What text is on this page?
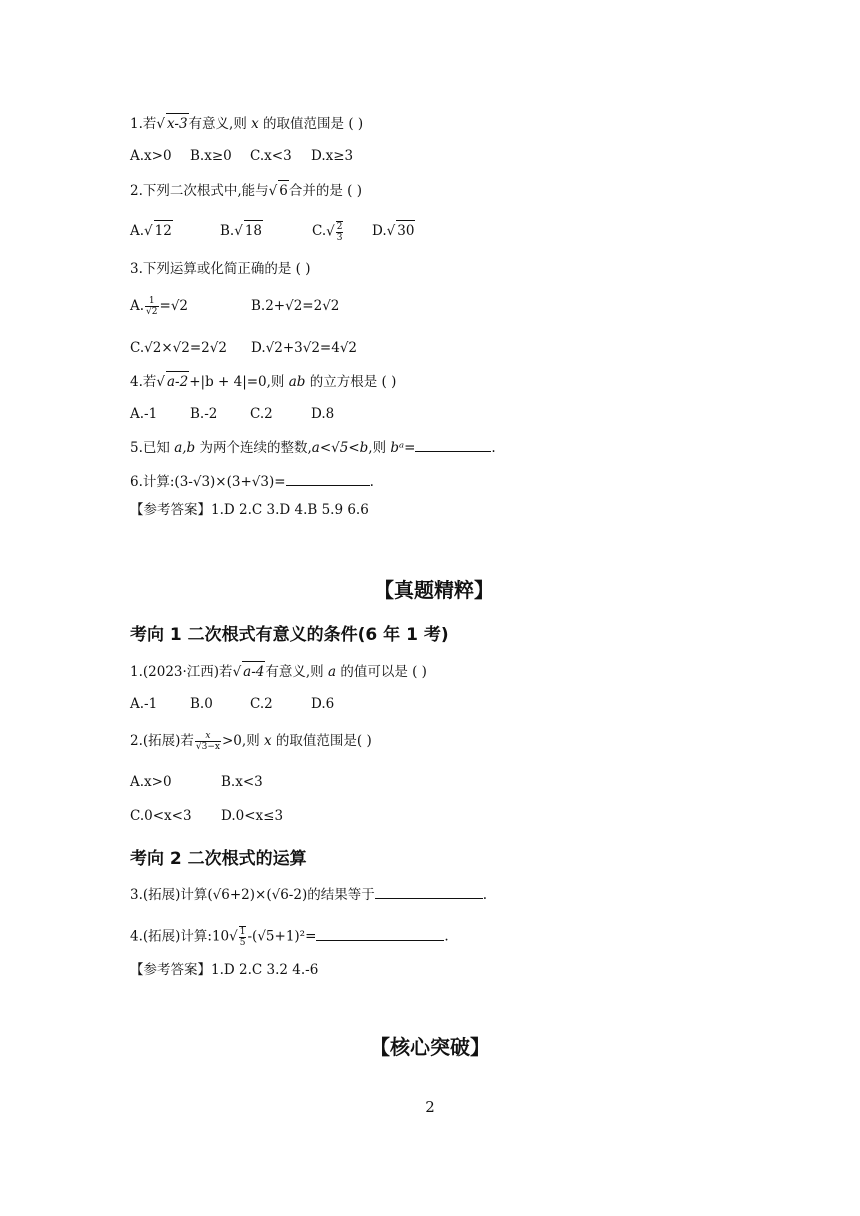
1.若√ x-3有意义,则 x 的取值范围是 ( )
A.x>0 B.x≥0 C.x<3 D.x≥3
2.下列二次根式中,能与√ 6合并的是 ( )
A.√ 12	B.√ 18	$C.√ \frac{2}{3} D.√$ 30
3.下列运算或化简正确的是 ( )
A. $\frac{1}{√2} =√2$	B.2+√2=2√2
C.√2×√2=2√2 D.√2+3√2=4√2
4.若√ a-2+|b + 4|=0,则 ab 的立方根是 ( )
A.-1 B.-2 C.2	D.8
5.已知 a,b 为两个连续的整数,a<√5<b,则 bᵃ=	.
6.计算:(3-√3)×(3+√3)=	.
【参考答案】1.D 2.C 3.D 4.B 5.9 6.6
【真题精粹】
考向 1 二次根式有意义的条件(6 年 1 考)
1.(2023·江西)若√ a-4有意义,则 a 的值可以是 ( )
A.-1 B.0	C.2	D.6
2.(拓展)若 $\frac{x}{√3-x} >0$,则 x 的取值范围是( )
A.x>0	B.x<3
C.0<x<3 D.0<x≤3
考向 2 二次根式的运算
3.(拓展)计算(√6+2)×(√6-2)的结果等于	.
4.(拓展)计算:10√ $\frac{1}{5} -(√5+1)^2=$	.
【参考答案】1.D 2.C 3.2 4.-6
【核心突破】
2
